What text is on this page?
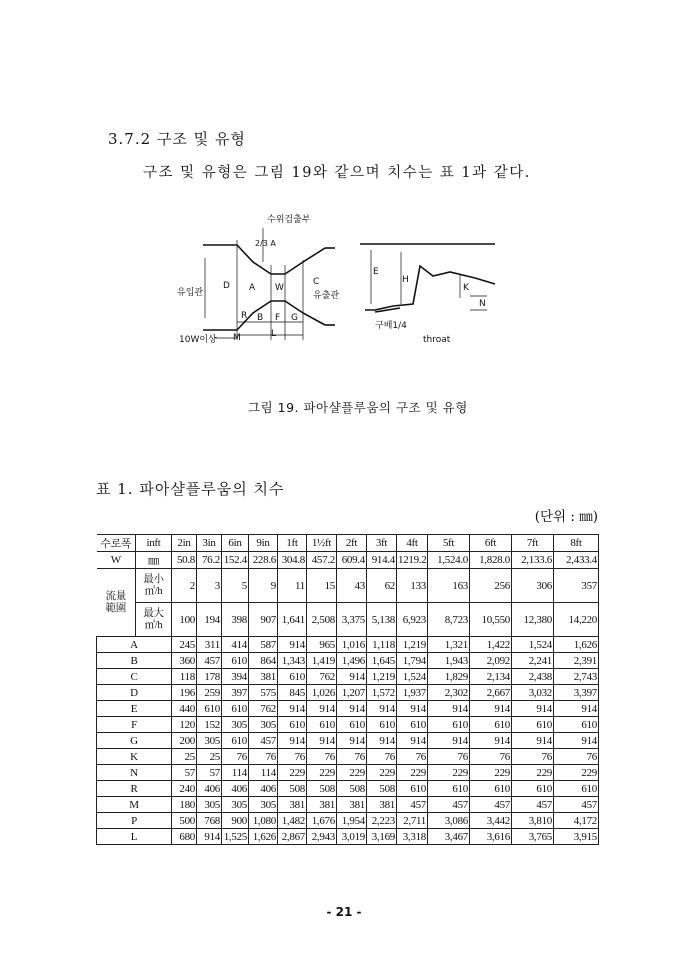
3.7.2 구조 및 유형
구조 및 유형은 그림 19와 같으며 치수는 표 1과 같다.
수위검출부
유입관	유출관
10W이상
2/3 A
A W
D	C
R
M
B F G
L
E
H
K
N
구배1/4
throat
그림 19. 파아샬플루움의 구조 및 유형
표 1. 파아샬플루움의 치수
(단위 : ㎜)
수로폭	inft	2in	3in	6in	9in	1ft	1½ft	2ft	3ft	4ft	5ft	6ft	7ft	8ft
W	㎜	50.8	76.2	152.4	228.6	304.8	457.2	609.4	914.4	1219.2	1,524.0	1,828.0	2,133.6	2,433.4
流量
範圍	最小㎥/h	2	3	5	9	11	15	43	62	133	163	256	306	357
	最大㎥/h	100	194	398	907	1,641	2,508	3,375	5,138	6,923	8,723	10,550	12,380	14,220
A		245	311	414	587	914	965	1,016	1,118	1,219	1,321	1,422	1,524	1,626
B		360	457	610	864	1,343	1,419	1,496	1,645	1,794	1,943	2,092	2,241	2,391
C		118	178	394	381	610	762	914	1,219	1,524	1,829	2,134	2,438	2,743
D		196	259	397	575	845	1,026	1,207	1,572	1,937	2,302	2,667	3,032	3,397
E		440	610	610	762	914	914	914	914	914	914	914	914	914
F		120	152	305	305	610	610	610	610	610	610	610	610	610
G		200	305	610	457	914	914	914	914	914	914	914	914	914
K		25	25	76	76	76	76	76	76	76	76	76	76	76
N		57	57	114	114	229	229	229	229	229	229	229	229	229
R		240	406	406	406	508	508	508	508	610	610	610	610	610
M		180	305	305	305	381	381	381	381	457	457	457	457	457
P		500	768	900	1,080	1,482	1,676	1,954	2,223	2,711	3,086	3,442	3,810	4,172
L		680	914	1,525	1,626	2,867	2,943	3,019	3,169	3,318	3,467	3,616	3,765	3,915
- 21 -
